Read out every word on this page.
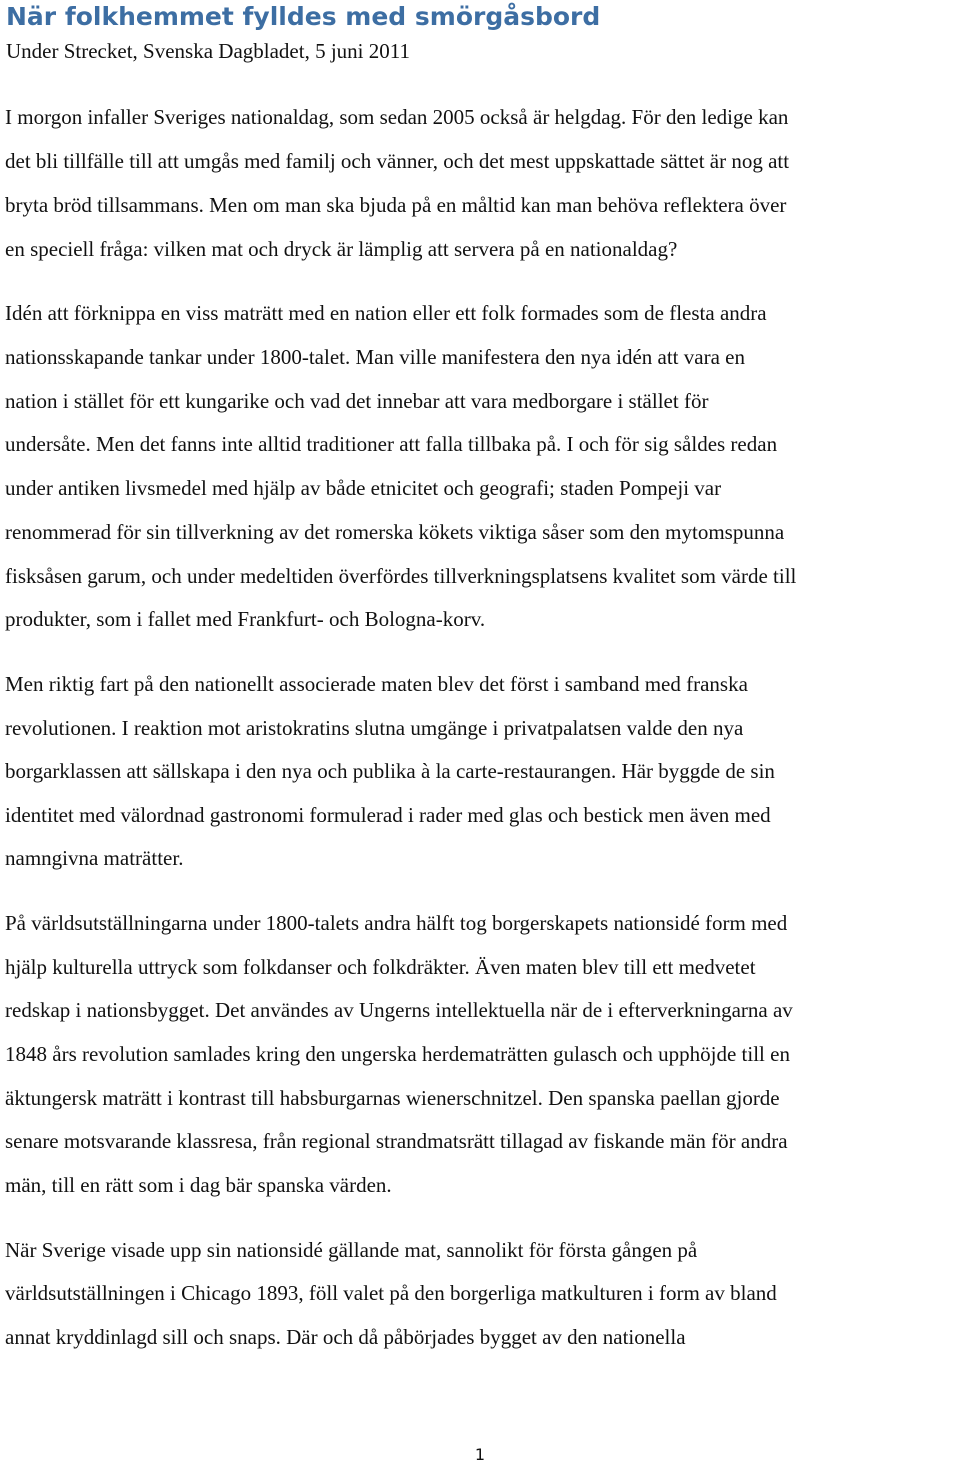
När folkhemmet fylldes med smörgåsbord

Under Strecket, Svenska Dagbladet, 5 juni 2011

I morgon infaller Sveriges nationaldag, som sedan 2005 också är helgdag. För den ledige kan

det bli tillfälle till att umgås med familj och vänner, och det mest uppskattade sättet är nog att

bryta bröd tillsammans. Men om man ska bjuda på en måltid kan man behöva reflektera över

en speciell fråga: vilken mat och dryck är lämplig att servera på en nationaldag?

Idén att förknippa en viss maträtt med en nation eller ett folk formades som de flesta andra

nationsskapande tankar under 1800-talet. Man ville manifestera den nya idén att vara en

nation i stället för ett kungarike och vad det innebar att vara medborgare i stället för

undersåte. Men det fanns inte alltid traditioner att falla tillbaka på. I och för sig såldes redan

under antiken livsmedel med hjälp av både etnicitet och geografi; staden Pompeji var

renommerad för sin tillverkning av det romerska kökets viktiga såser som den mytomspunna

fisksåsen garum, och under medeltiden överfördes tillverkningsplatsens kvalitet som värde till

produkter, som i fallet med Frankfurt- och Bologna-korv.

Men riktig fart på den nationellt associerade maten blev det först i samband med franska

revolutionen. I reaktion mot aristokratins slutna umgänge i privatpalatsen valde den nya

borgarklassen att sällskapa i den nya och publika à la carte-restaurangen. Här byggde de sin

identitet med välordnad gastronomi formulerad i rader med glas och bestick men även med

namngivna maträtter.

På världsutställningarna under 1800-talets andra hälft tog borgerskapets nationsidé form med

hjälp kulturella uttryck som folkdanser och folkdräkter. Även maten blev till ett medvetet

redskap i nationsbygget. Det användes av Ungerns intellektuella när de i efterverkningarna av

1848 års revolution samlades kring den ungerska herdematrätten gulasch och upphöjde till en

äktungersk maträtt i kontrast till habsburgarnas wienerschnitzel. Den spanska paellan gjorde

senare motsvarande klassresa, från regional strandmatsrätt tillagad av fiskande män för andra

män, till en rätt som i dag bär spanska värden.

När Sverige visade upp sin nationsidé gällande mat, sannolikt för första gången på

världsutställningen i Chicago 1893, föll valet på den borgerliga matkulturen i form av bland

annat kryddinlagd sill och snaps. Där och då påbörjades bygget av den nationella

1
